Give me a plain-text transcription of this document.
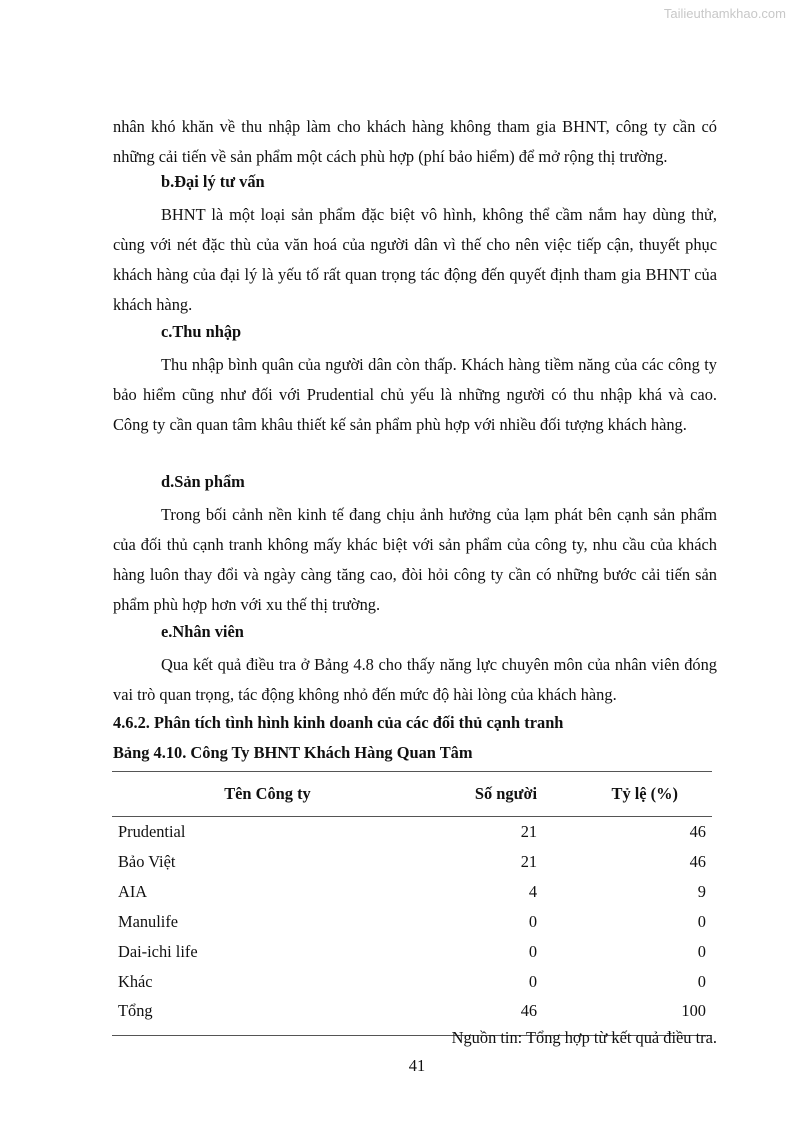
Tailieuthamkhao.com
nhân khó khăn về thu nhập làm cho khách hàng không tham gia BHNT, công ty cần có những cải tiến về sản phẩm một cách phù hợp (phí bảo hiểm) để mở rộng thị trường.
b.Đại lý tư vấn
BHNT là một loại sản phẩm đặc biệt vô hình, không thể cầm nắm hay dùng thử, cùng với nét đặc thù của văn hoá của người dân vì thế cho nên việc tiếp cận, thuyết phục khách hàng của đại lý là yếu tố rất quan trọng tác động đến quyết định tham gia BHNT của khách hàng.
c.Thu nhập
Thu nhập bình quân của người dân còn thấp. Khách hàng tiềm năng của các công ty bảo hiểm cũng như đối với Prudential chủ yếu là những người có thu nhập khá và cao. Công ty cần quan tâm khâu thiết kế sản phẩm phù hợp với nhiều đối tượng khách hàng.
d.Sản phẩm
Trong bối cảnh nền kinh tế đang chịu ảnh hưởng của lạm phát bên cạnh sản phẩm của đối thủ cạnh tranh không mấy khác biệt với sản phẩm của công ty, nhu cầu của khách hàng luôn thay đổi và ngày càng tăng cao, đòi hỏi công ty cần có những bước cải tiến sản phẩm phù hợp hơn với xu thế thị trường.
e.Nhân viên
Qua kết quả điều tra ở Bảng 4.8 cho thấy năng lực chuyên môn của nhân viên đóng vai trò quan trọng, tác động không nhỏ đến mức độ hài lòng của khách hàng.
4.6.2. Phân tích tình hình kinh doanh của các đối thủ cạnh tranh
Bảng 4.10. Công Ty BHNT Khách Hàng Quan Tâm
Tên Công ty	Số người	Tỷ lệ (%)
Prudential	21	46
Bảo Việt	21	46
AIA	4	9
Manulife	0	0
Dai-ichi life	0	0
Khác	0	0
Tổng	46	100
Nguồn tin: Tổng hợp từ kết quả điều tra.
41
